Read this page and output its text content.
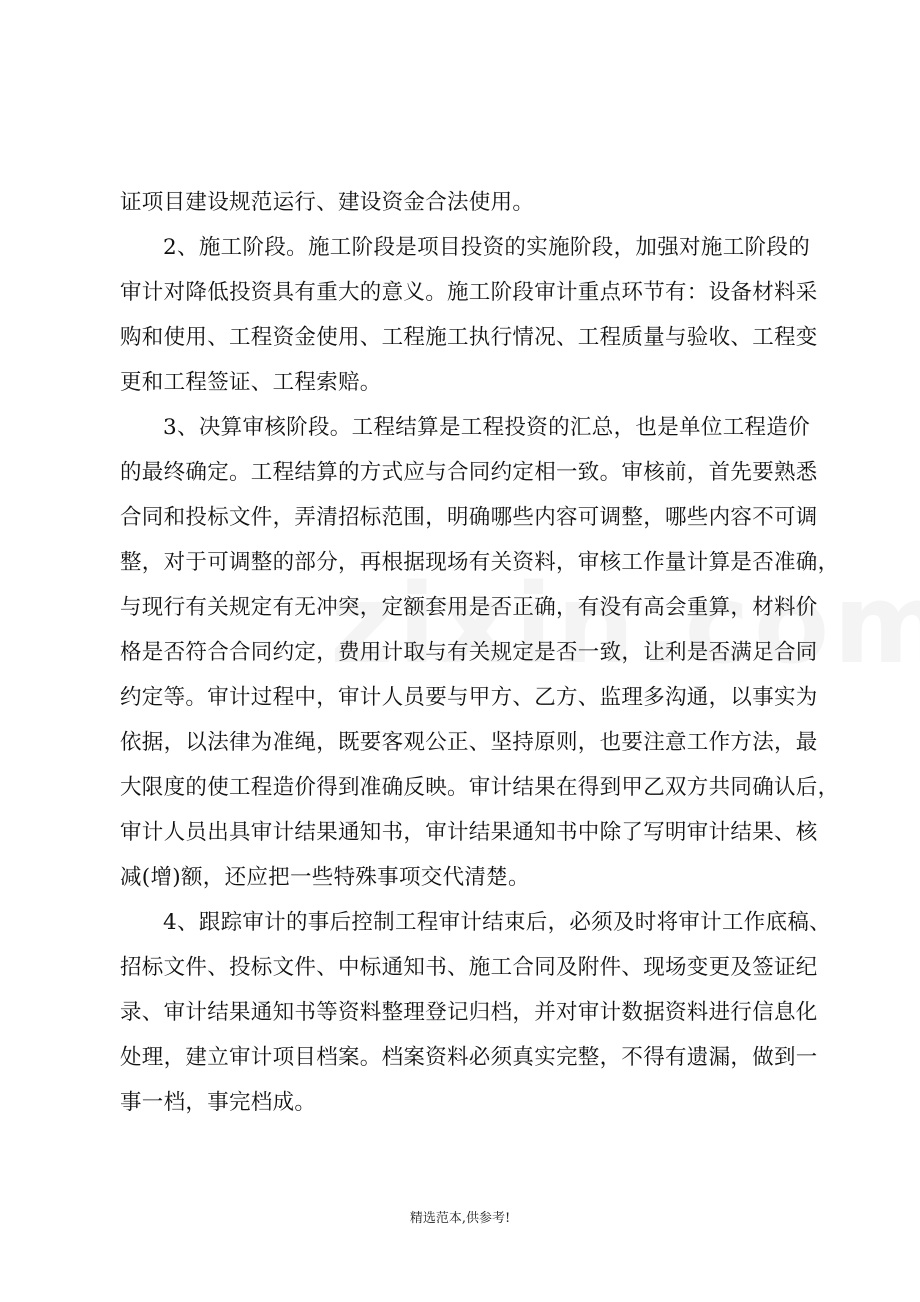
证项目建设规范运行、建设资金合法使用。
2、施工阶段。施工阶段是项目投资的实施阶段，加强对施工阶段的
审计对降低投资具有重大的意义。施工阶段审计重点环节有：设备材料采
购和使用、工程资金使用、工程施工执行情况、工程质量与验收、工程变
更和工程签证、工程索赔。
3、决算审核阶段。工程结算是工程投资的汇总，也是单位工程造价
的最终确定。工程结算的方式应与合同约定相一致。审核前，首先要熟悉
合同和投标文件，弄清招标范围，明确哪些内容可调整，哪些内容不可调
整，对于可调整的部分，再根据现场有关资料，审核工作量计算是否准确，
与现行有关规定有无冲突，定额套用是否正确，有没有高会重算，材料价
格是否符合合同约定，费用计取与有关规定是否一致，让利是否满足合同
约定等。审计过程中，审计人员要与甲方、乙方、监理多沟通，以事实为
依据，以法律为准绳，既要客观公正、坚持原则，也要注意工作方法，最
大限度的使工程造价得到准确反映。审计结果在得到甲乙双方共同确认后，
审计人员出具审计结果通知书，审计结果通知书中除了写明审计结果、核
减(增)额，还应把一些特殊事项交代清楚。
4、跟踪审计的事后控制工程审计结束后，必须及时将审计工作底稿、
招标文件、投标文件、中标通知书、施工合同及附件、现场变更及签证纪
录、审计结果通知书等资料整理登记归档，并对审计数据资料进行信息化
处理，建立审计项目档案。档案资料必须真实完整，不得有遗漏，做到一
事一档，事完档成。
精选范本,供参考!
